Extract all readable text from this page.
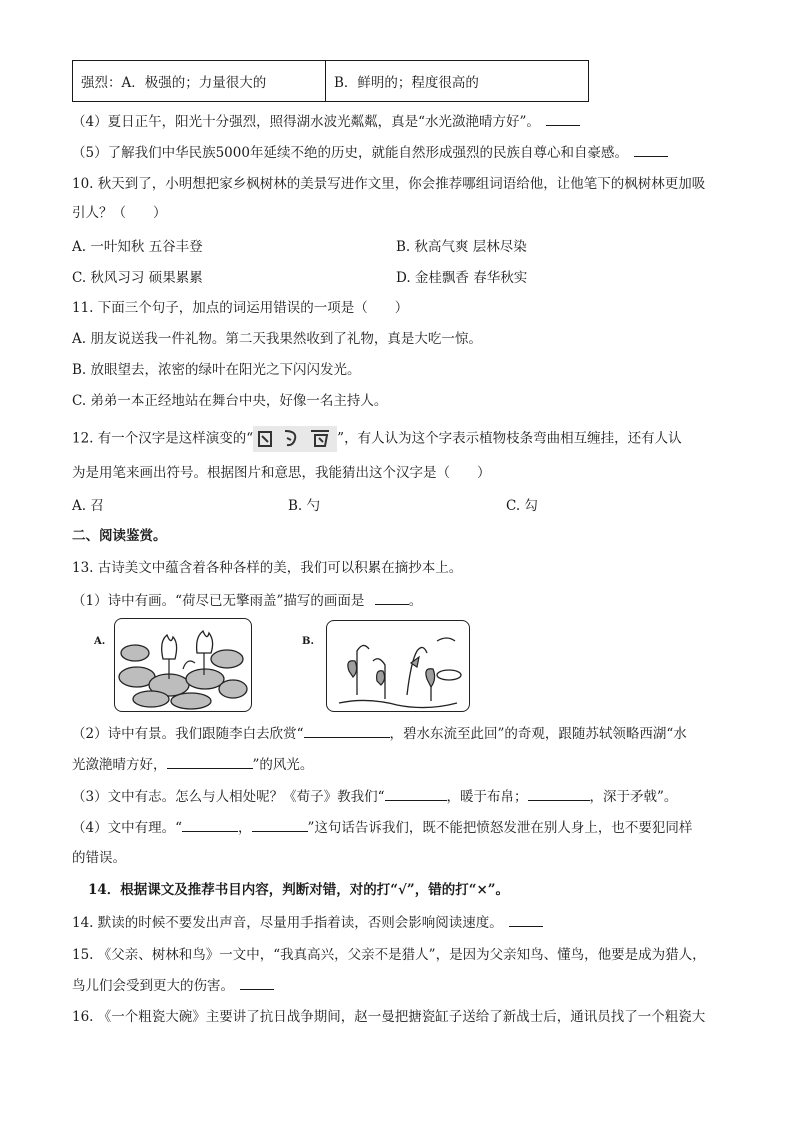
强烈：A．极强的；力量很大的	B．鲜明的；程度很高的
（4）夏日正午，阳光十分强烈，照得湖水波光粼粼，真是“水光潋滟晴方好”。
（5）了解我们中华民族5000年延续不绝的历史，就能自然形成强烈的民族自尊心和自豪感。
10. 秋天到了，小明想把家乡枫树林的美景写进作文里，你会推荐哪组词语给他，让他笔下的枫树林更加吸
引人？（　　）
A. 一叶知秋 五谷丰登	B. 秋高气爽 层林尽染
C. 秋风习习 硕果累累	D. 金桂飘香 春华秋实
11. 下面三个句子，加点的词运用错误的一项是（　　）
A. 朋友说送我一件礼物。第二天我果然收到了礼物，真是大吃一惊。
B. 放眼望去，浓密的绿叶在阳光之下闪闪发光。
C. 弟弟一本正经地站在舞台中央，好像一名主持人。
12. 有一个汉字是这样演变的“	”，有人认为这个字表示植物枝条弯曲相互缠挂，还有人认
为是用笔来画出符号。根据图片和意思，我能猜出这个汉字是（　　）
A. 召	B. 勺	C. 勾
二、阅读鉴赏。
13. 古诗美文中蕴含着各种各样的美，我们可以积累在摘抄本上。
（1）诗中有画。“荷尽已无擎雨盖”描写的画面是	。
A.	B.
（2）诗中有景。我们跟随李白去欣赏“	，碧水东流至此回”的奇观，跟随苏轼领略西湖“水
光潋滟晴方好，	”的风光。
（3）文中有志。怎么与人相处呢？《荀子》教我们“	，暖于布帛；	，深于矛戟”。
（4）文中有理。“	，	”这句话告诉我们，既不能把愤怒发泄在别人身上，也不要犯同样
的错误。
14．根据课文及推荐书目内容，判断对错，对的打“√”，错的打“×”。
14. 默读的时候不要发出声音，尽量用手指着读，否则会影响阅读速度。
15. 《父亲、树林和鸟》一文中，“我真高兴，父亲不是猎人”，是因为父亲知鸟、懂鸟，他要是成为猎人，
鸟儿们会受到更大的伤害。
16. 《一个粗瓷大碗》主要讲了抗日战争期间，赵一曼把搪瓷缸子送给了新战士后，通讯员找了一个粗瓷大
